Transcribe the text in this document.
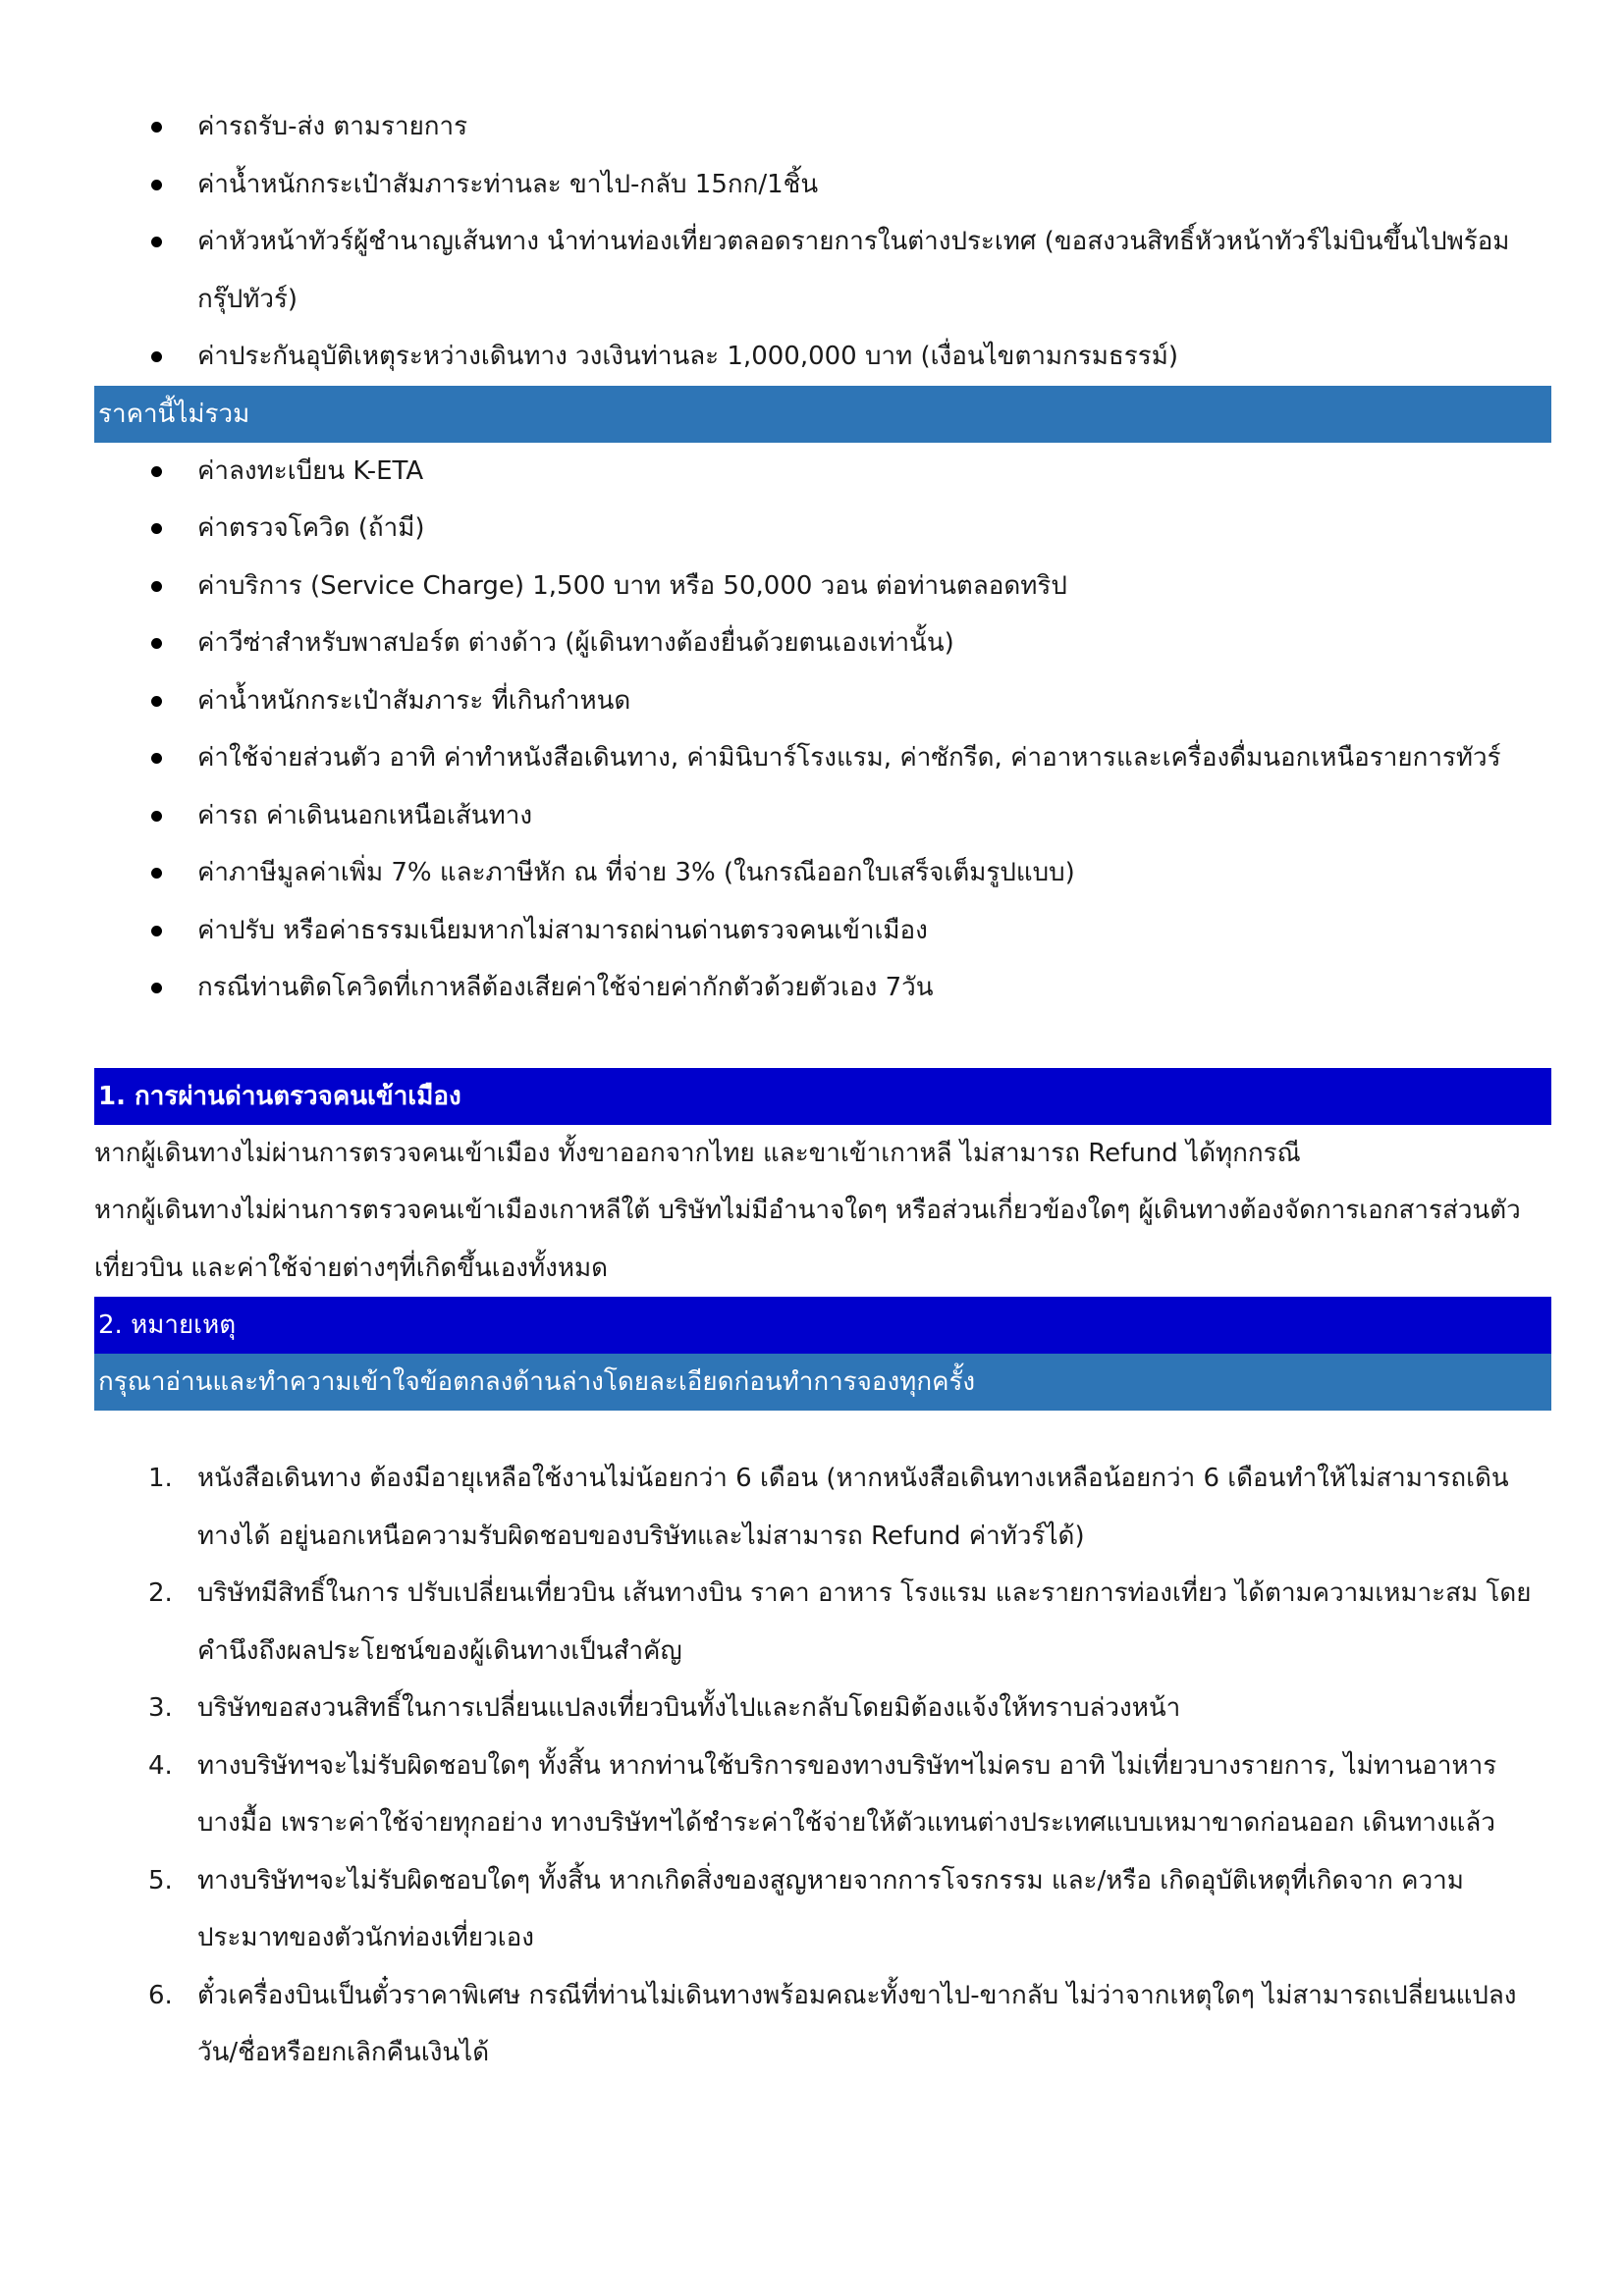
ค่ารถรับ-ส่ง ตามรายการ
ค่าน้ำหนักกระเป๋าสัมภาระท่านละ ขาไป-กลับ 15กก/1ชิ้น
ค่าหัวหน้าทัวร์ผู้ชำนาญเส้นทาง นำท่านท่องเที่ยวตลอดรายการในต่างประเทศ (ขอสงวนสิทธิ์หัวหน้าทัวร์ไม่บินขึ้นไปพร้อมกรุ๊ปทัวร์)
ค่าประกันอุบัติเหตุระหว่างเดินทาง วงเงินท่านละ 1,000,000 บาท (เงื่อนไขตามกรมธรรม์)
ราคานี้ไม่รวม
ค่าลงทะเบียน K-ETA
ค่าตรวจโควิด (ถ้ามี)
ค่าบริการ (Service Charge) 1,500 บาท หรือ 50,000 วอน ต่อท่านตลอดทริป
ค่าวีซ่าสำหรับพาสปอร์ต ต่างด้าว (ผู้เดินทางต้องยื่นด้วยตนเองเท่านั้น)
ค่าน้ำหนักกระเป๋าสัมภาระ ที่เกินกำหนด
ค่าใช้จ่ายส่วนตัว อาทิ ค่าทำหนังสือเดินทาง, ค่ามินิบาร์โรงแรม, ค่าซักรีด, ค่าอาหารและเครื่องดื่มนอกเหนือรายการทัวร์
ค่ารถ ค่าเดินนอกเหนือเส้นทาง
ค่าภาษีมูลค่าเพิ่ม 7% และภาษีหัก ณ ที่จ่าย 3% (ในกรณีออกใบเสร็จเต็มรูปแบบ)
ค่าปรับ หรือค่าธรรมเนียมหากไม่สามารถผ่านด่านตรวจคนเข้าเมือง
กรณีท่านติดโควิดที่เกาหลีต้องเสียค่าใช้จ่ายค่ากักตัวด้วยตัวเอง 7วัน
1. การผ่านด่านตรวจคนเข้าเมือง
หากผู้เดินทางไม่ผ่านการตรวจคนเข้าเมือง ทั้งขาออกจากไทย และขาเข้าเกาหลี ไม่สามารถ Refund ได้ทุกกรณี
หากผู้เดินทางไม่ผ่านการตรวจคนเข้าเมืองเกาหลีใต้ บริษัทไม่มีอำนาจใดๆ หรือส่วนเกี่ยวข้องใดๆ ผู้เดินทางต้องจัดการเอกสารส่วนตัว เที่ยวบิน และค่าใช้จ่ายต่างๆที่เกิดขึ้นเองทั้งหมด
2. หมายเหตุ
กรุณาอ่านและทำความเข้าใจข้อตกลงด้านล่างโดยละเอียดก่อนทำการจองทุกครั้ง
1. หนังสือเดินทาง ต้องมีอายุเหลือใช้งานไม่น้อยกว่า 6 เดือน (หากหนังสือเดินทางเหลือน้อยกว่า 6 เดือนทำให้ไม่สามารถเดินทางได้ อยู่นอกเหนือความรับผิดชอบของบริษัทและไม่สามารถ Refund ค่าทัวร์ได้)
2. บริษัทมีสิทธิ์ในการ ปรับเปลี่ยนเที่ยวบิน เส้นทางบิน ราคา อาหาร โรงแรม และรายการท่องเที่ยว ได้ตามความเหมาะสม โดยคำนึงถึงผลประโยชน์ของผู้เดินทางเป็นสำคัญ
3. บริษัทขอสงวนสิทธิ์ในการเปลี่ยนแปลงเที่ยวบินทั้งไปและกลับโดยมิต้องแจ้งให้ทราบล่วงหน้า
4. ทางบริษัทฯจะไม่รับผิดชอบใดๆ ทั้งสิ้น หากท่านใช้บริการของทางบริษัทฯไม่ครบ อาทิ ไม่เที่ยวบางรายการ, ไม่ทานอาหารบางมื้อ เพราะค่าใช้จ่ายทุกอย่าง ทางบริษัทฯได้ชำระค่าใช้จ่ายให้ตัวแทนต่างประเทศแบบเหมาขาดก่อนออก เดินทางแล้ว
5. ทางบริษัทฯจะไม่รับผิดชอบใดๆ ทั้งสิ้น หากเกิดสิ่งของสูญหายจากการโจรกรรม และ/หรือ เกิดอุบัติเหตุที่เกิดจาก ความประมาทของตัวนักท่องเที่ยวเอง
6. ตั๋วเครื่องบินเป็นตั๋วราคาพิเศษ กรณีที่ท่านไม่เดินทางพร้อมคณะทั้งขาไป-ขากลับ ไม่ว่าจากเหตุใดๆ ไม่สามารถเปลี่ยนแปลงวัน/ชื่อหรือยกเลิกคืนเงินได้
